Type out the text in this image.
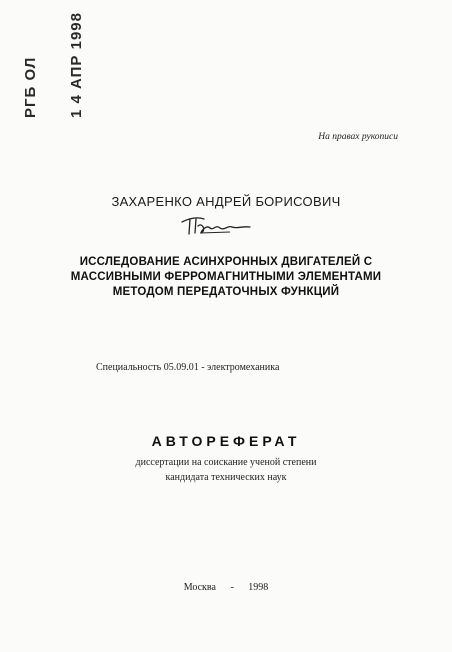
РГБ ОЛ 1 4 АПР 1998
На правах рукописи
ЗАХАРЕНКО АНДРЕЙ БОРИСОВИЧ
ИССЛЕДОВАНИЕ АСИНХРОННЫХ ДВИГАТЕЛЕЙ С
МАССИВНЫМИ ФЕРРОМАГНИТНЫМИ ЭЛЕМЕНТАМИ
МЕТОДОМ ПЕРЕДАТОЧНЫХ ФУНКЦИЙ
Специальность 05.09.01 - электромеханика
АВТОРЕФЕРАТ
диссертации на соискание ученой степени
кандидата технических наук
Москва - 1998
